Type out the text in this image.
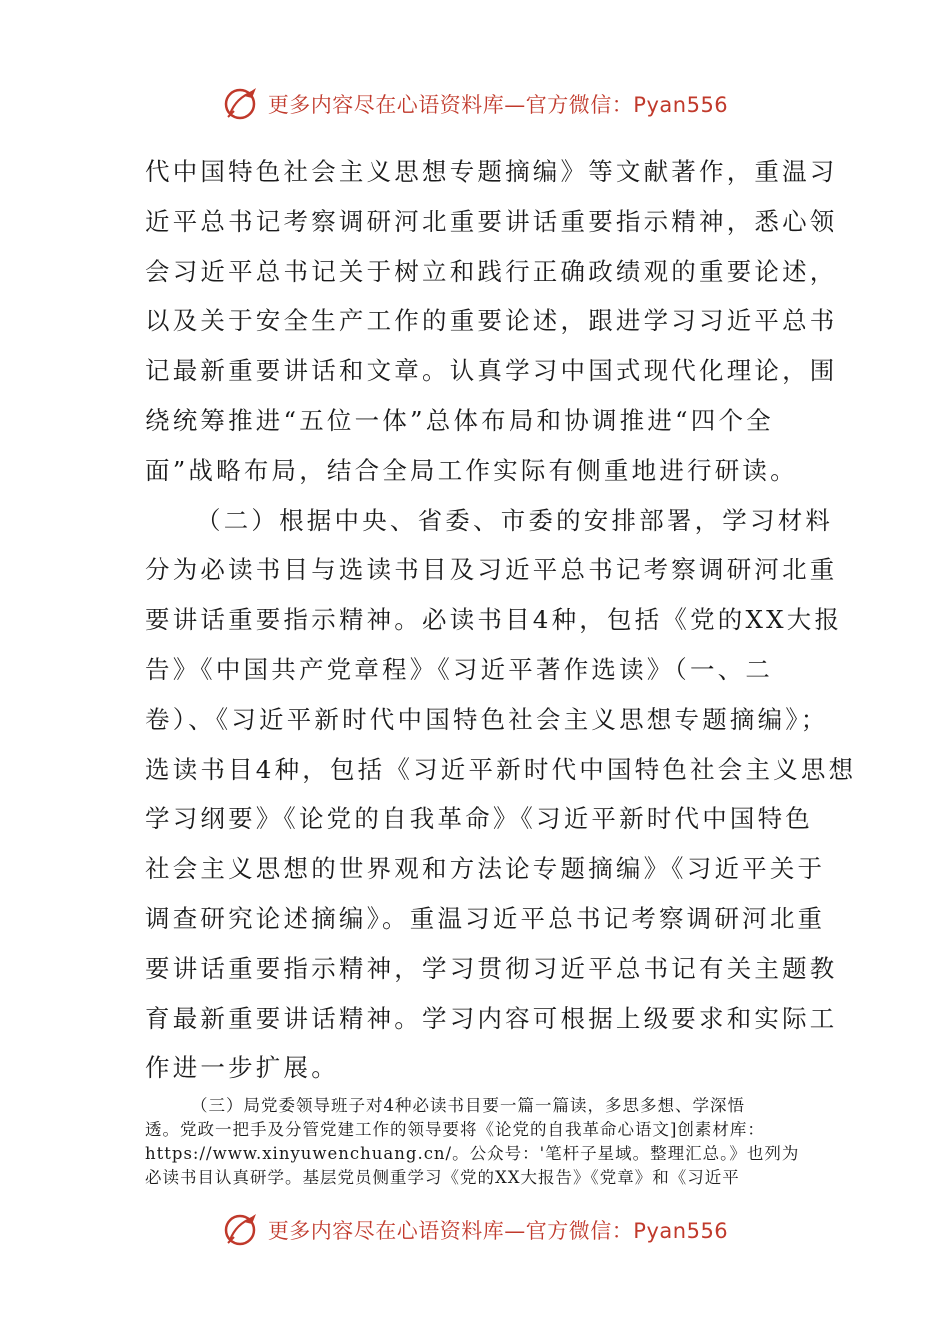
更多内容尽在心语资料库—官方微信：Pyan556
代中国特色社会主义思想专题摘编》等文献著作，重温习
近平总书记考察调研河北重要讲话重要指示精神，悉心领
会习近平总书记关于树立和践行正确政绩观的重要论述，
以及关于安全生产工作的重要论述，跟进学习习近平总书
记最新重要讲话和文章。认真学习中国式现代化理论，围
绕统筹推进“五位一体”总体布局和协调推进“四个全
面”战略布局，结合全局工作实际有侧重地进行研读。
（二）根据中央、省委、市委的安排部署，学习材料
分为必读书目与选读书目及习近平总书记考察调研河北重
要讲话重要指示精神。必读书目4种，包括《党的XX大报
告》《中国共产党章程》《习近平著作选读》（一、二
卷）、《习近平新时代中国特色社会主义思想专题摘编》；
选读书目4种，包括《习近平新时代中国特色社会主义思想
学习纲要》《论党的自我革命》《习近平新时代中国特色
社会主义思想的世界观和方法论专题摘编》《习近平关于
调查研究论述摘编》。重温习近平总书记考察调研河北重
要讲话重要指示精神，学习贯彻习近平总书记有关主题教
育最新重要讲话精神。学习内容可根据上级要求和实际工
作进一步扩展。
（三）局党委领导班子对4种必读书目要一篇一篇读，多思多想、学深悟
透。党政一把手及分管党建工作的领导要将《论党的自我革命心语文]创素材库：
https://www.xinyuwenchuang.cn/。公众号：'笔杆子星域。整理汇总。》也列为
必读书目认真研学。基层党员侧重学习《党的XX大报告》《党章》和《习近平
更多内容尽在心语资料库—官方微信：Pyan556
